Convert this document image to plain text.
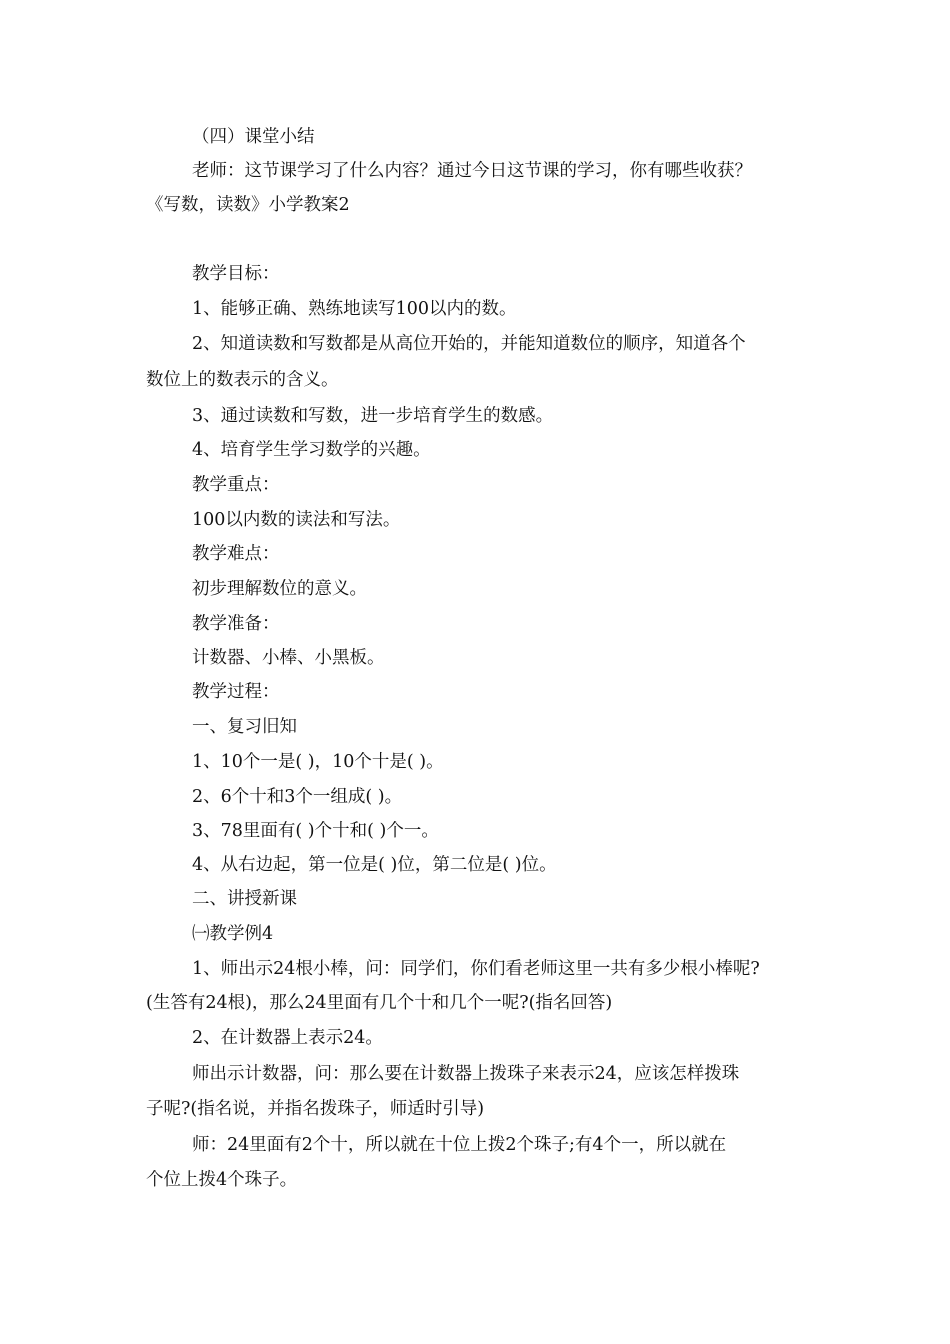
（四）课堂小结
老师：这节课学习了什么内容？通过今日这节课的学习，你有哪些收获？
《写数，读数》小学教案2
教学目标：
1、能够正确、熟练地读写100以内的数。
2、知道读数和写数都是从高位开始的，并能知道数位的顺序，知道各个
数位上的数表示的含义。
3、通过读数和写数，进一步培育学生的数感。
4、培育学生学习数学的兴趣。
教学重点：
100以内数的读法和写法。
教学难点：
初步理解数位的意义。
教学准备：
计数器、小棒、小黑板。
教学过程：
一、复习旧知
1、10个一是( )，10个十是( )。
2、6个十和3个一组成( )。
3、78里面有( )个十和( )个一。
4、从右边起，第一位是( )位，第二位是( )位。
二、讲授新课
㈠教学例4
1、师出示24根小棒，问：同学们，你们看老师这里一共有多少根小棒呢?
(生答有24根)，那么24里面有几个十和几个一呢?(指名回答)
2、在计数器上表示24。
师出示计数器，问：那么要在计数器上拨珠子来表示24，应该怎样拨珠
子呢?(指名说，并指名拨珠子，师适时引导)
师：24里面有2个十，所以就在十位上拨2个珠子;有4个一，所以就在
个位上拨4个珠子。
